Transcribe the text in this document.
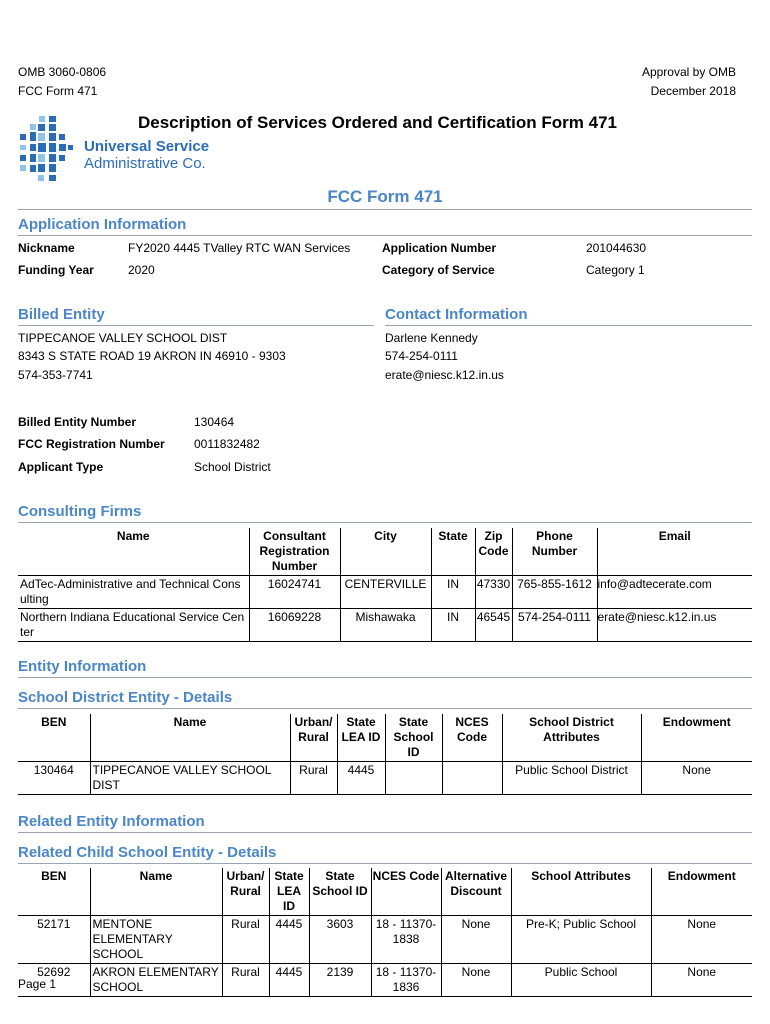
OMB 3060-0806
FCC Form 471
Approval by OMB
December 2018
Universal Service
Administrative Co.
Description of Services Ordered and Certification Form 471
FCC Form 471
Application Information
Nickname	FY2020 4445 TValley RTC WAN Services	Application Number	201044630
Funding Year	2020	Category of Service	Category 1
Billed Entity	Contact Information
TIPPECANOE VALLEY SCHOOL DIST
8343 S STATE ROAD 19 AKRON IN 46910 - 9303
574-353-7741
Darlene Kennedy
574-254-0111
erate@niesc.k12.in.us
Billed Entity Number	130464
FCC Registration Number 0011832482
Applicant Type	School District
Consulting Firms
Name	Consultant Registration Number	City	State	Zip Code	Phone Number	Email
AdTec-Administrative and Technical Consulting	16024741	CENTERVILLE	IN	47330	765-855-1612	info@adtecerate.com
Northern Indiana Educational Service Center	16069228	Mishawaka	IN	46545	574-254-0111	erate@niesc.k12.in.us
Entity Information
School District Entity - Details
BEN	Name	Urban/ Rural	State LEA ID	State School ID	NCES Code	School District Attributes	Endowment
130464	TIPPECANOE VALLEY SCHOOL DIST	Rural	4445			Public School District	None
Related Entity Information
Related Child School Entity - Details
BEN	Name	Urban/ Rural	State LEA ID	State School ID	NCES Code	Alternative Discount	School Attributes	Endowment
52171	MENTONE ELEMENTARY SCHOOL	Rural	4445	3603	18 - 11370-1838	None	Pre-K; Public School	None
52692	AKRON ELEMENTARY SCHOOL	Rural	4445	2139	18 - 11370-1836	None	Public School	None
Page 1
